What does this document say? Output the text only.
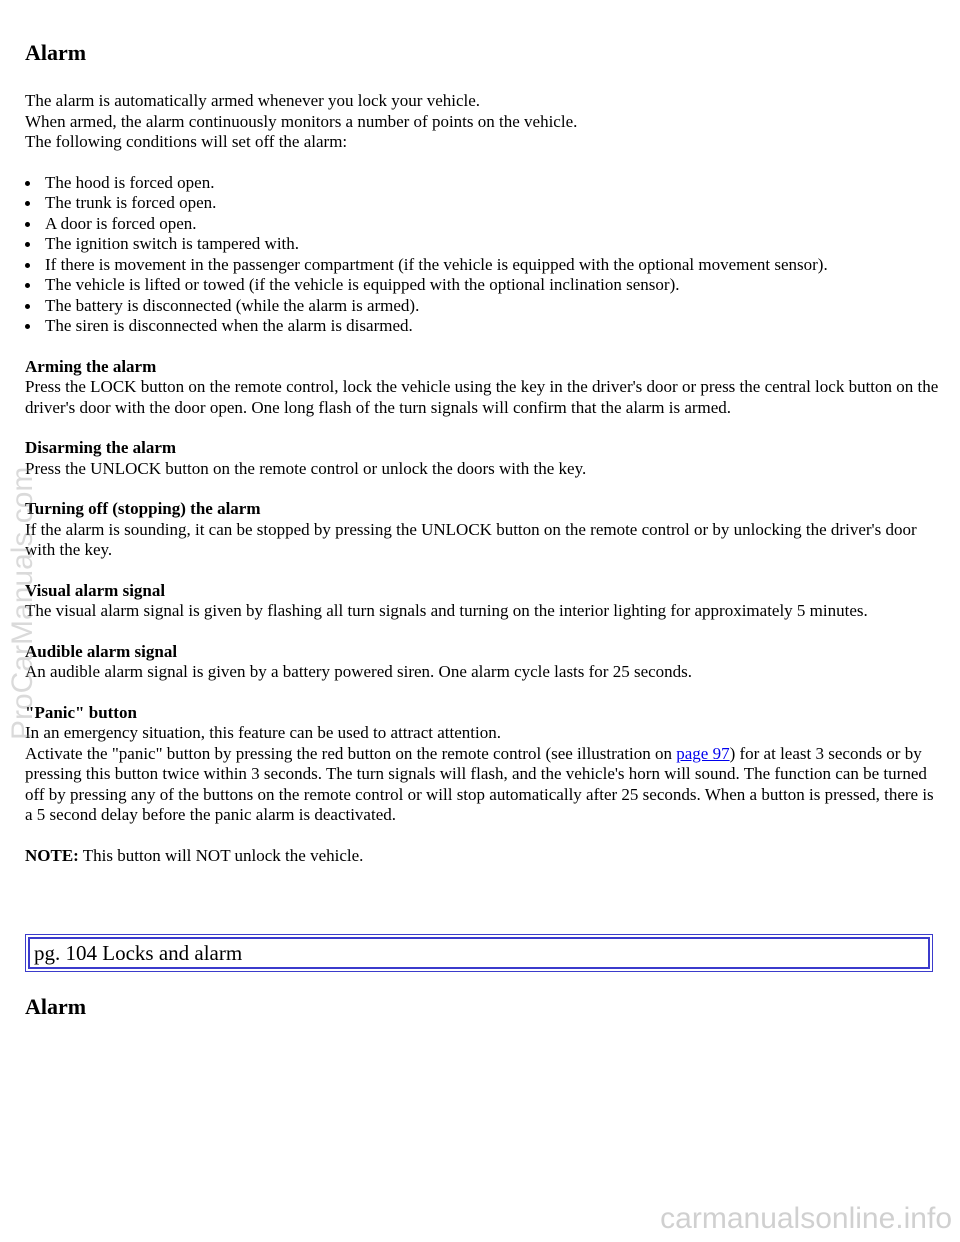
Alarm

The alarm is automatically armed whenever you lock your vehicle.
When armed, the alarm continuously monitors a number of points on the vehicle.
The following conditions will set off the alarm:

The hood is forced open.
The trunk is forced open.
A door is forced open.
The ignition switch is tampered with.
If there is movement in the passenger compartment (if the vehicle is equipped with the optional movement sensor).
The vehicle is lifted or towed (if the vehicle is equipped with the optional inclination sensor).
The battery is disconnected (while the alarm is armed).
The siren is disconnected when the alarm is disarmed.

Arming the alarm
Press the LOCK button on the remote control, lock the vehicle using the key in the driver's door or press the central lock button on the driver's door with the door open. One long flash of the turn signals will confirm that the alarm is armed.

Disarming the alarm
Press the UNLOCK button on the remote control or unlock the doors with the key.

Turning off (stopping) the alarm
If the alarm is sounding, it can be stopped by pressing the UNLOCK button on the remote control or by unlocking the driver's door with the key.

Visual alarm signal
The visual alarm signal is given by flashing all turn signals and turning on the interior lighting for approximately 5 minutes.

Audible alarm signal
An audible alarm signal is given by a battery powered siren. One alarm cycle lasts for 25 seconds.

"Panic" button
In an emergency situation, this feature can be used to attract attention.
Activate the "panic" button by pressing the red button on the remote control (see illustration on page 97) for at least 3 seconds or by pressing this button twice within 3 seconds. The turn signals will flash, and the vehicle's horn will sound. The function can be turned off by pressing any of the buttons on the remote control or will stop automatically after 25 seconds. When a button is pressed, there is a 5 second delay before the panic alarm is deactivated.

NOTE: This button will NOT unlock the vehicle.

pg. 104 Locks and alarm
Alarm
ProCarManuals.com
carmanualsonline.info
